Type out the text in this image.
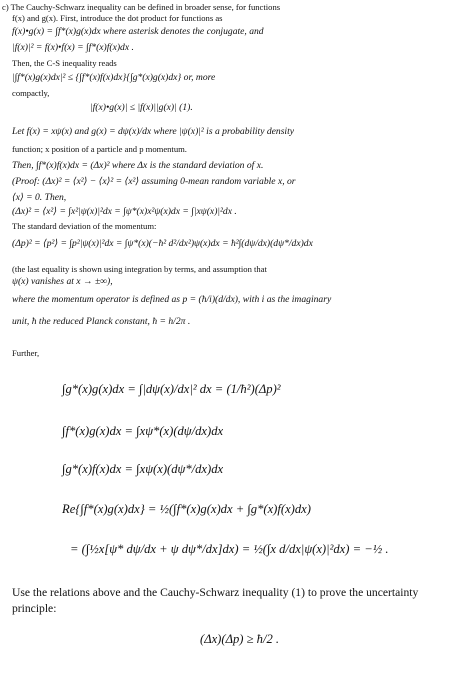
c) The Cauchy-Schwarz inequality can be defined in broader sense, for functions
f(x) and g(x). First, introduce the dot product for functions as
f(x)•g(x) = ∫f*(x)g(x)dx where asterisk denotes the conjugate, and
|f(x)|² = f(x)•f(x) = ∫f*(x)f(x)dx .
Then, the C-S inequality reads
|∫f*(x)g(x)dx|² ≤ {∫f*(x)f(x)dx}{∫g*(x)g(x)dx} or, more
compactly,
|f(x)•g(x)| ≤ |f(x)||g(x)| (1).
Let f(x) = xψ(x) and g(x) = dψ(x)/dx where |ψ(x)|² is a probability density
function; x position of a particle and p momentum.
Then, ∫f*(x)f(x)dx = (Δx)² where Δx is the standard deviation of x.
(Proof: (Δx)² = ⟨x²⟩ − ⟨x⟩² = ⟨x²⟩ assuming 0-mean random variable x, or
⟨x⟩ = 0. Then,
(Δx)² = ⟨x²⟩ = ∫x²|ψ(x)|²dx = ∫ψ*(x)x²ψ(x)dx = ∫|xψ(x)|²dx .
The standard deviation of the momentum:
(Δp)² = ⟨p²⟩ = ∫p²|ψ(x)|²dx = ∫ψ*(x)(−ħ² d²/dx²)ψ(x)dx = ħ²∫(dψ/dx)(dψ*/dx)dx
(the last equality is shown using integration by terms, and assumption that
ψ(x) vanishes at x → ±∞),
where the momentum operator is defined as p = (ħ/i)(d/dx), with i as the imaginary
unit, ħ the reduced Planck constant, ħ = h/2π .
Further,
∫g*(x)g(x)dx = ∫|dψ(x)/dx|² dx = (1/ħ²)(Δp)²
∫f*(x)g(x)dx = ∫xψ*(x)(dψ/dx)dx
∫g*(x)f(x)dx = ∫xψ(x)(dψ*/dx)dx
Re{∫f*(x)g(x)dx} = ½(∫f*(x)g(x)dx + ∫g*(x)f(x)dx)
= (∫½x[ψ* dψ/dx + ψ dψ*/dx]dx) = ½(∫x d/dx|ψ(x)|²dx) = −½ .
Use the relations above and the Cauchy-Schwarz inequality (1) to prove the uncertainty
principle:
(Δx)(Δp) ≥ ħ/2 .
